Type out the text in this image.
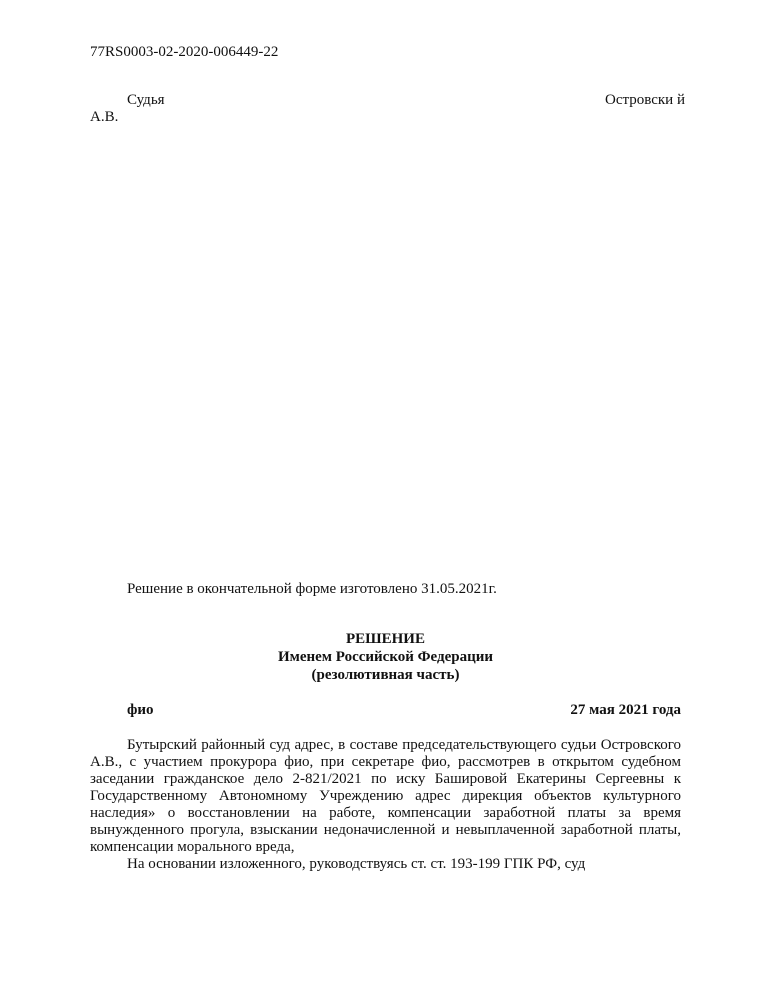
77RS0003-02-2020-006449-22

Судья	Островски й

А.В.

Решение в окончательной форме изготовлено 31.05.2021г.

РЕШЕНИЕ

Именем Российской Федерации

(резолютивная часть)

фио	27 мая 2021 года

Бутырский районный суд адрес, в составе председательствующего судьи Островского А.В., с участием прокурора фио, при секретаре фио, рассмотрев в открытом судебном заседании гражданское дело 2-821/2021 по иску Башировой Екатерины Сергеевны к Государственному Автономному Учреждению адрес дирекция объектов культурного наследия» о восстановлении на работе, компенсации заработной платы за время вынужденного прогула, взыскании недоначисленной и невыплаченной заработной платы, компенсации морального вреда,

На основании изложенного, руководствуясь ст. ст. 193-199 ГПК РФ, суд
